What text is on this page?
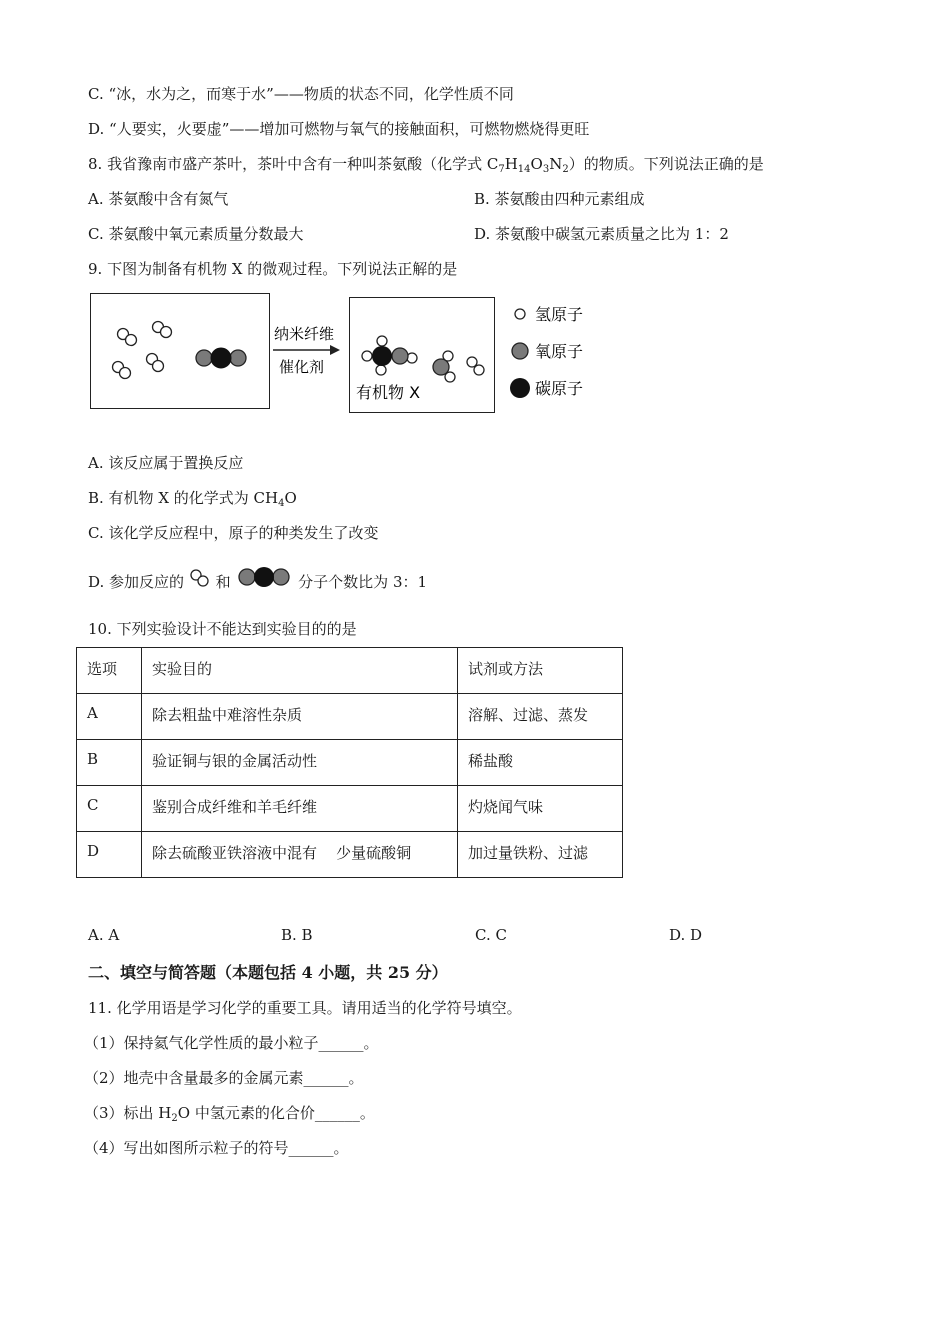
C. “冰，水为之，而寒于水”——物质的状态不同，化学性质不同
D. “人要实，火要虚”——增加可燃物与氧气的接触面积，可燃物燃烧得更旺
8. 我省豫南市盛产茶叶，茶叶中含有一种叫茶氨酸（化学式 $C_7H_{14}O_3N_2$）的物质。下列说法正确的是
A. 茶氨酸中含有氮气	B. 茶氨酸由四种元素组成
C. 茶氨酸中氧元素质量分数最大	D. 茶氨酸中碳氢元素质量之比为 1：2
9. 下图为制备有机物 X 的微观过程。下列说法正解的是
纳米纤维
催化剂
有机物 X
氢原子
氧原子
碳原子
A. 该反应属于置换反应
B. 有机物 X 的化学式为 $CH_4O$
C. 该化学反应程中，原子的种类发生了改变
D. 参加反应的 和	分子个数比为 3：1
10. 下列实验设计不能达到实验目的的是
选项	实验目的	试剂或方法
A	除去粗盐中难溶性杂质	溶解、过滤、蒸发
B	验证铜与银的金属活动性	稀盐酸
C	鉴别合成纤维和羊毛纤维	灼烧闻气味
D	除去硫酸亚铁溶液中混有    少量硫酸铜	加过量铁粉、过滤
A. A	B. B	C. C	D. D
二、填空与简答题（本题包括 4 小题，共 25 分）
11. 化学用语是学习化学的重要工具。请用适当的化学符号填空。
（1）保持氦气化学性质的最小粒子______。
（2）地壳中含量最多的金属元素______。
（3）标出 $H_2O$ 中氢元素的化合价______。
（4）写出如图所示粒子的符号______。
